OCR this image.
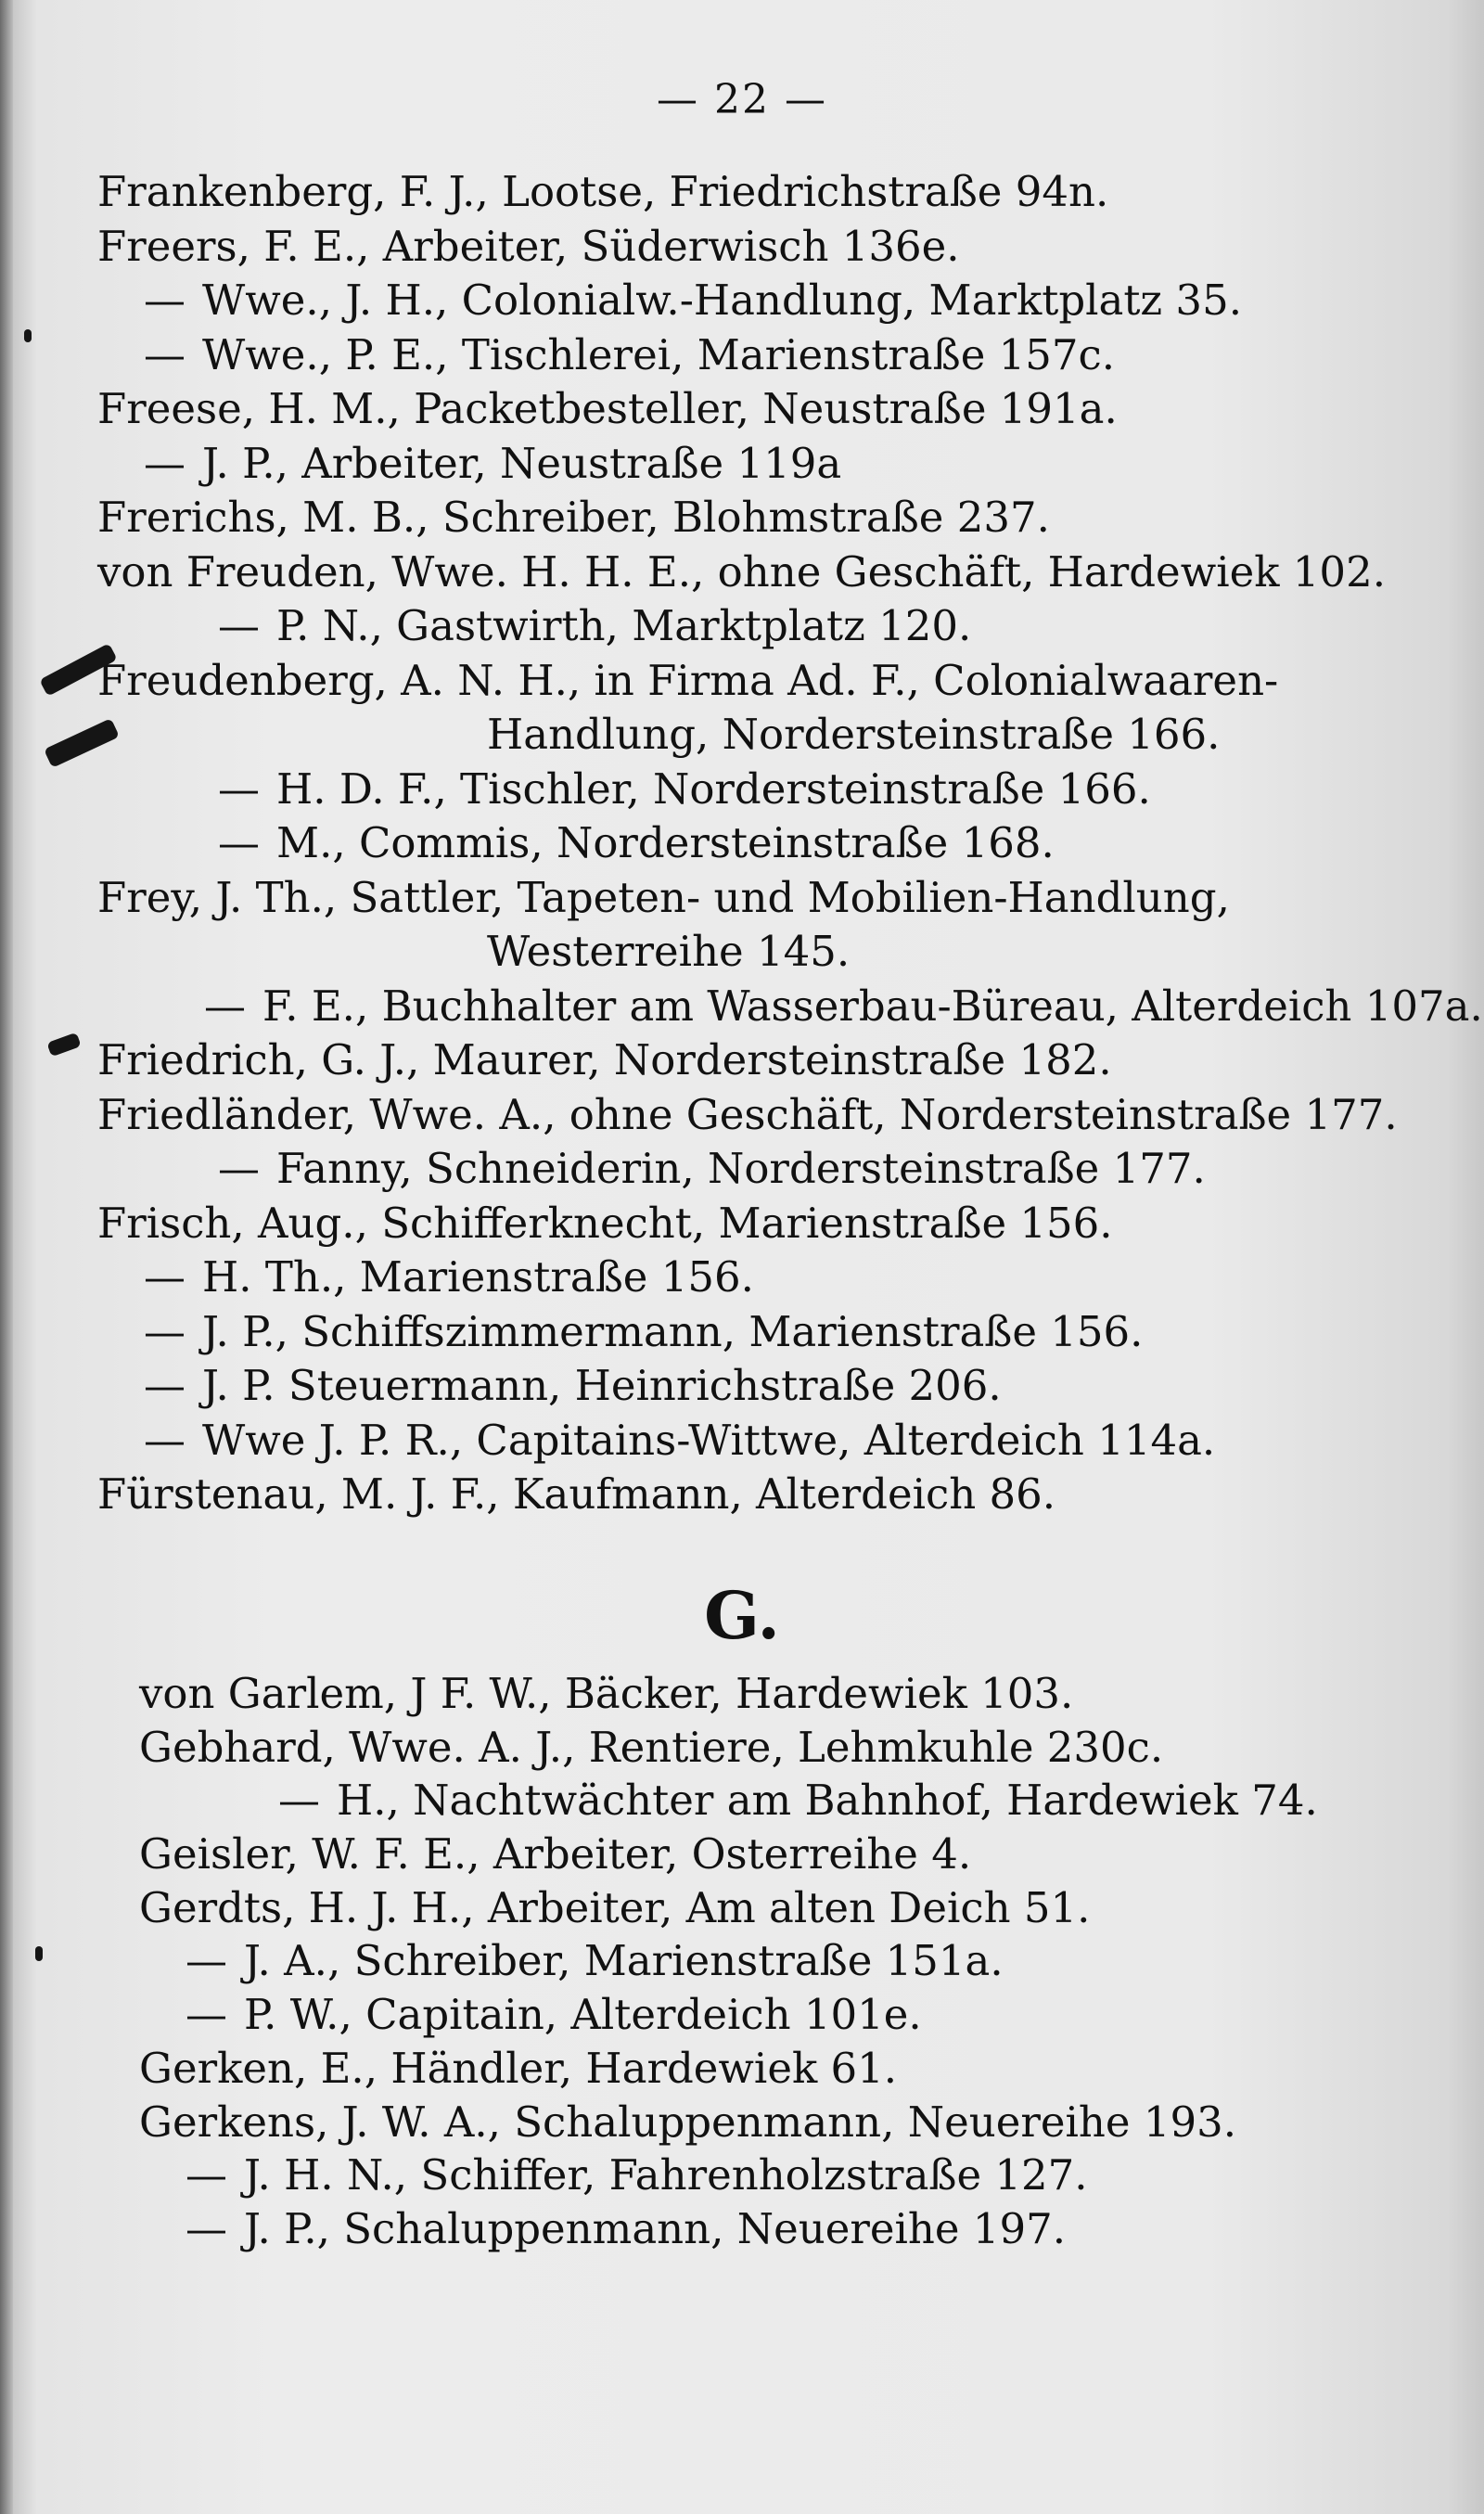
— 22 —
Frankenberg, F. J., Lootse, Friedrichstraße 94n.
Freers, F. E., Arbeiter, Süderwisch 136e.
— Wwe., J. H., Colonialw.-Handlung, Marktplatz 35.
— Wwe., P. E., Tischlerei, Marienstraße 157c.
Freese, H. M., Packetbesteller, Neustraße 191a.
— J. P., Arbeiter, Neustraße 119a
Frerichs, M. B., Schreiber, Blohmstraße 237.
von Freuden, Wwe. H. H. E., ohne Geschäft, Hardewiek 102.
— P. N., Gastwirth, Marktplatz 120.
Freudenberg, A. N. H., in Firma Ad. F., Colonialwaaren-
Handlung, Nordersteinstraße 166.
— H. D. F., Tischler, Nordersteinstraße 166.
— M., Commis, Nordersteinstraße 168.
Frey, J. Th., Sattler, Tapeten- und Mobilien-Handlung,
Westerreihe 145.
— F. E., Buchhalter am Wasserbau-Büreau, Alterdeich 107a.
Friedrich, G. J., Maurer, Nordersteinstraße 182.
Friedländer, Wwe. A., ohne Geschäft, Nordersteinstraße 177.
— Fanny, Schneiderin, Nordersteinstraße 177.
Frisch, Aug., Schifferknecht, Marienstraße 156.
— H. Th., Marienstraße 156.
— J. P., Schiffszimmermann, Marienstraße 156.
— J. P. Steuermann, Heinrichstraße 206.
— Wwe J. P. R., Capitains-Wittwe, Alterdeich 114a.
Fürstenau, M. J. F., Kaufmann, Alterdeich 86.
G.
von Garlem, J F. W., Bäcker, Hardewiek 103.
Gebhard, Wwe. A. J., Rentiere, Lehmkuhle 230c.
— H., Nachtwächter am Bahnhof, Hardewiek 74.
Geisler, W. F. E., Arbeiter, Osterreihe 4.
Gerdts, H. J. H., Arbeiter, Am alten Deich 51.
— J. A., Schreiber, Marienstraße 151a.
— P. W., Capitain, Alterdeich 101e.
Gerken, E., Händler, Hardewiek 61.
Gerkens, J. W. A., Schaluppenmann, Neuereihe 193.
— J. H. N., Schiffer, Fahrenholzstraße 127.
— J. P., Schaluppenmann, Neuereihe 197.
